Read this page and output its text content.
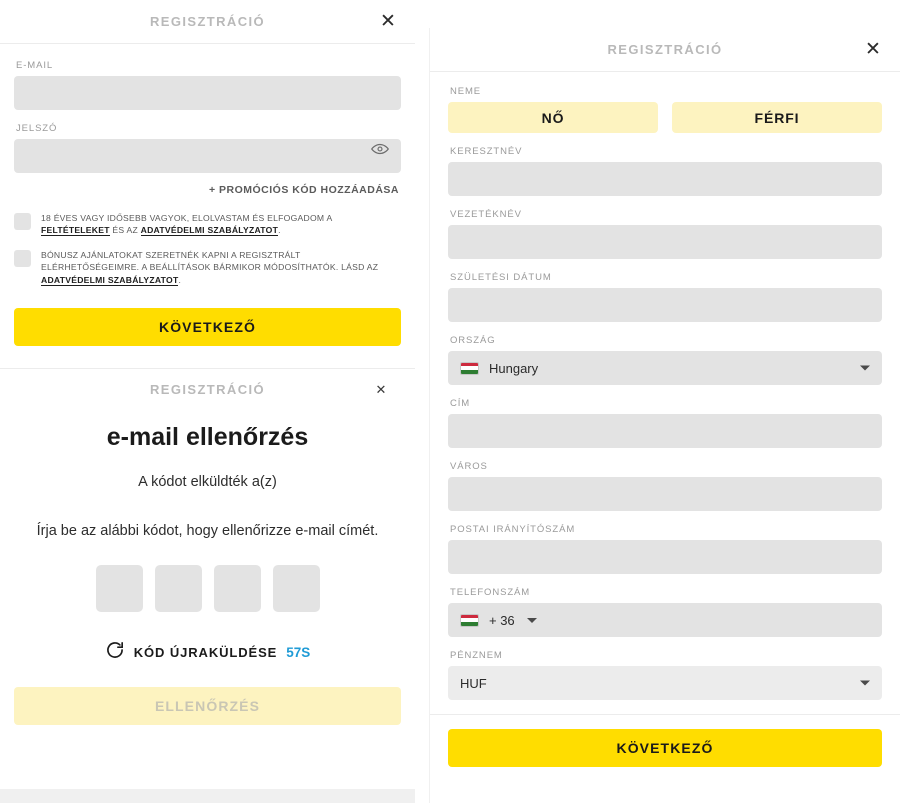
REGISZTRÁCIÓ	✕
E-MAIL
JELSZÓ
+ PROMÓCIÓS KÓD HOZZÁADÁSA
18 ÉVES VAGY IDŐSEBB VAGYOK, ELOLVASTAM ÉS ELFOGADOM A FELTÉTELEKET ÉS AZ ADATVÉDELMI SZABÁLYZATOT.
BÓNUSZ AJÁNLATOKAT SZERETNÉK KAPNI A REGISZTRÁLT ELÉRHETŐSÉGEIMRE. A BEÁLLÍTÁSOK BÁRMIKOR MÓDOSÍTHATÓK. LÁSD AZ ADATVÉDELMI SZABÁLYZATOT.
KÖVETKEZŐ
REGISZTRÁCIÓ	✕
e-mail ellenőrzés
A kódot elküldték a(z)
Írja be az alábbi kódot, hogy ellenőrizze e-mail címét.
KÓD ÚJRAKÜLDÉSE 57S
ELLENŐRZÉS
REGISZTRÁCIÓ	✕
NEME
NŐ	FÉRFI
KERESZTNÉV
VEZETÉKNÉV
SZÜLETÉSI DÁTUM
ORSZÁG
Hungary
CÍM
VÁROS
POSTAI IRÁNYÍTÓSZÁM
TELEFONSZÁM
+ 36
PÉNZNEM
HUF
KÖVETKEZŐ
